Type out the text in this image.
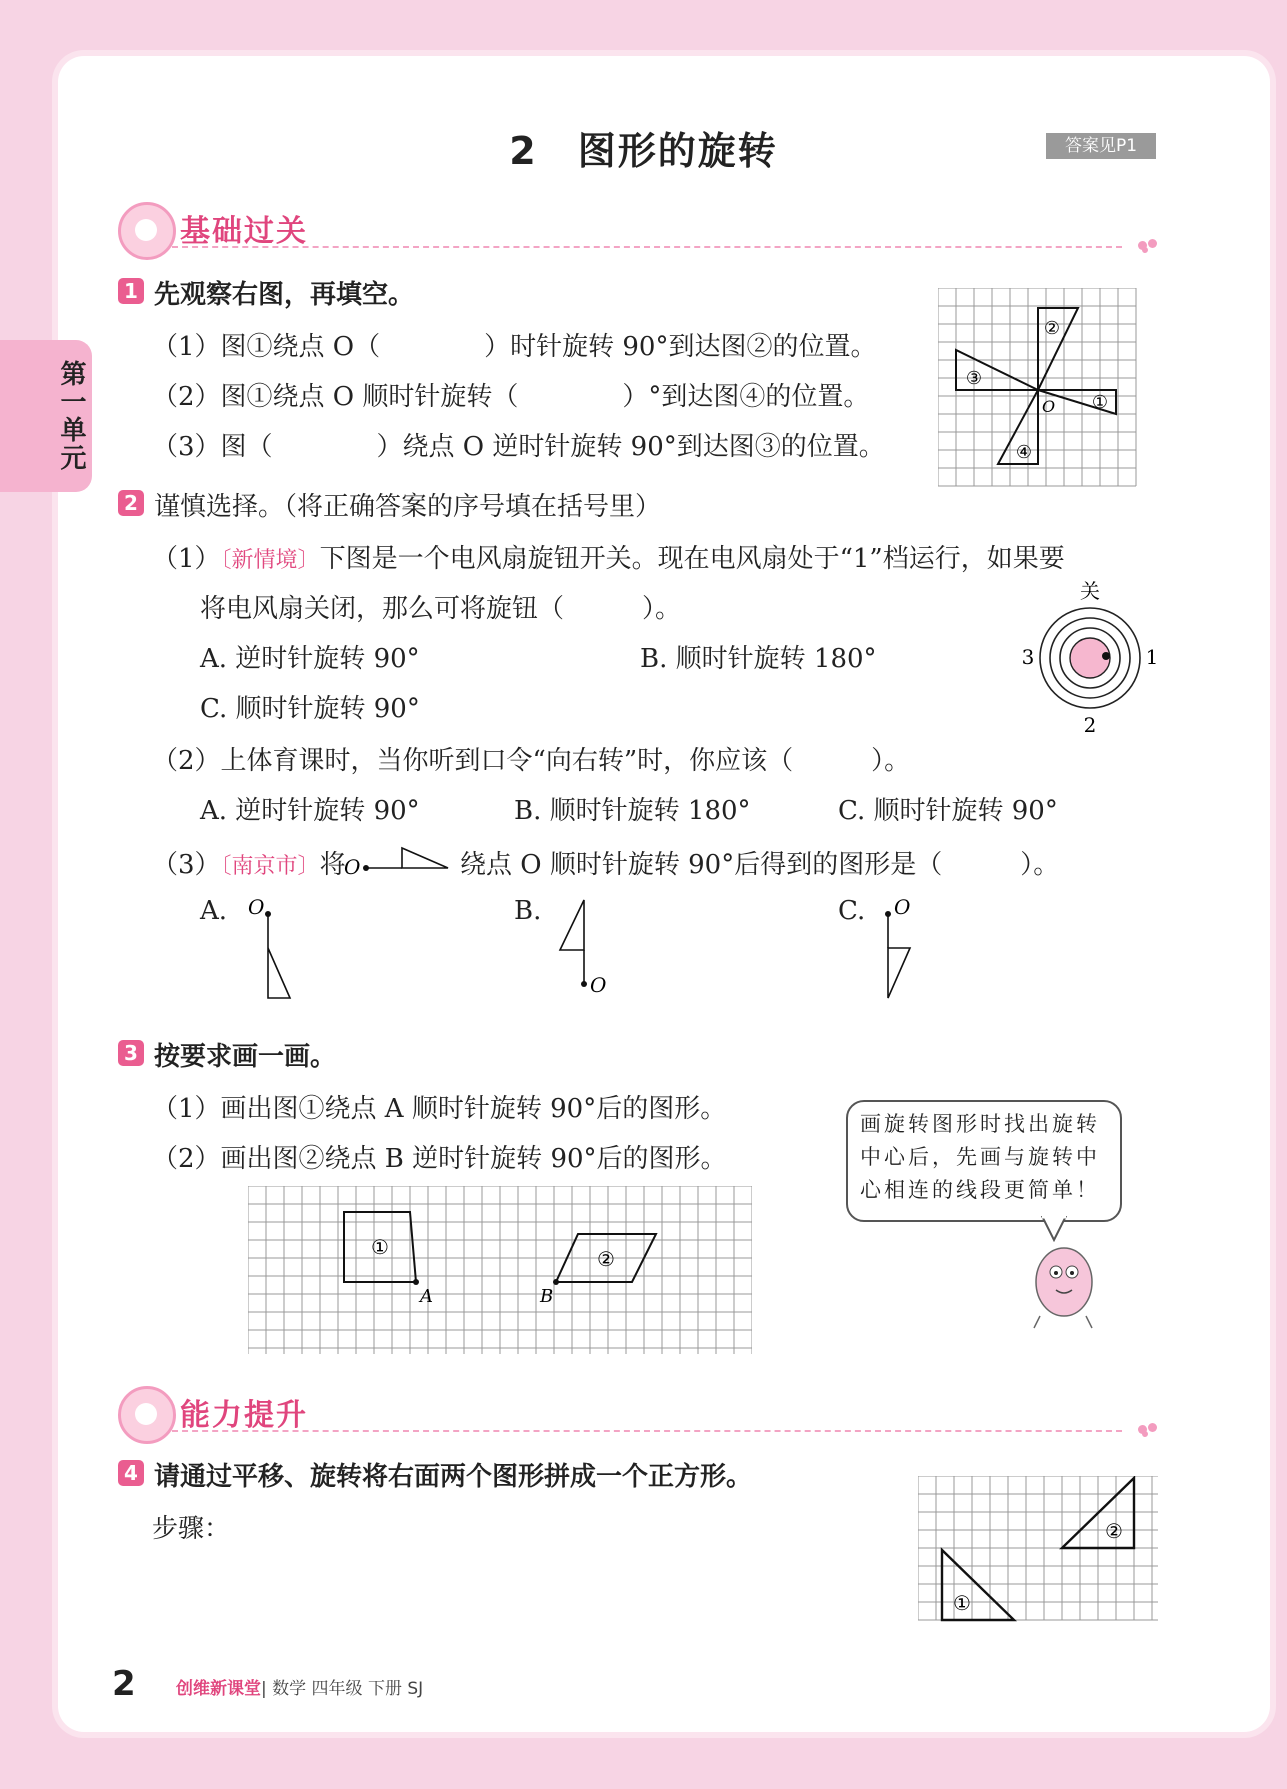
第一单元
2　图形的旋转	答案见P1
基础过关
1 先观察右图，再填空。
（1）图①绕点 O（　　　　）时针旋转 90°到达图②的位置。
（2）图①绕点 O 顺时针旋转（　　　　）°到达图④的位置。
（3）图（　　　　）绕点 O 逆时针旋转 90°到达图③的位置。
①
②
③
④
O
2 谨慎选择。（将正确答案的序号填在括号里）
（1）〔新情境〕下图是一个电风扇旋钮开关。现在电风扇处于“1”档运行，如果要
将电风扇关闭，那么可将旋钮（　　　）。
A. 逆时针旋转 90°	B. 顺时针旋转 180°
C. 顺时针旋转 90°
关
1
2
3
（2）上体育课时，当你听到口令“向右转”时，你应该（　　　）。
A. 逆时针旋转 90°	B. 顺时针旋转 180°	C. 顺时针旋转 90°
（3）〔南京市〕将
O	绕点 O 顺时针旋转 90°后得到的图形是（　　　）。
A. O	B.
O
C. O
3 按要求画一画。
（1）画出图①绕点 A 顺时针旋转 90°后的图形。
（2）画出图②绕点 B 逆时针旋转 90°后的图形。
①	②
A	B
画旋转图形时找出旋转中心后，先画与旋转中心相连的线段更简单！
能力提升
4 请通过平移、旋转将右面两个图形拼成一个正方形。
步骤：
①
②
2 创维新课堂| 数学 四年级 下册 SJ
